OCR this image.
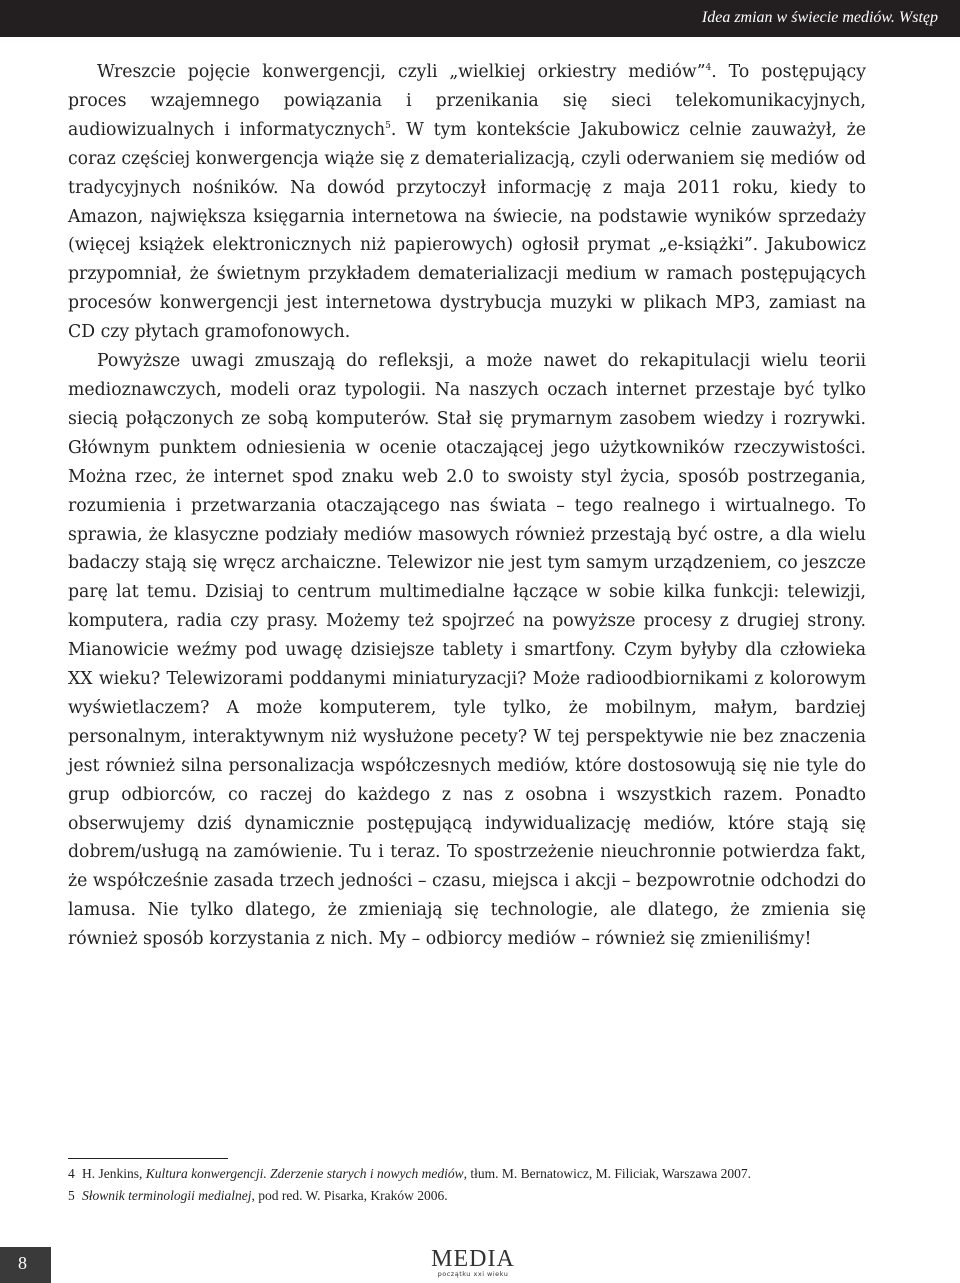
Idea zmian w świecie mediów. Wstęp

Wreszcie pojęcie konwergencji, czyli „wielkiej orkiestry mediów”$^4$. To postępujący proces wzajemnego powiązania i przenikania się sieci telekomunikacyjnych, audiowizualnych i informatycznych$^5$. W tym kontekście Jakubowicz celnie zauważył, że coraz częściej konwergencja wiąże się z dematerializacją, czyli oderwaniem się mediów od tradycyjnych nośników. Na dowód przytoczył informację z maja 2011 roku, kiedy to Amazon, największa księgarnia internetowa na świecie, na podstawie wyników sprzedaży (więcej książek elektronicznych niż papierowych) ogłosił prymat „e-książki”. Jakubowicz przypomniał, że świetnym przykładem dematerializacji medium w ramach postępujących procesów konwergencji jest internetowa dystrybucja muzyki w plikach MP3, zamiast na CD czy płytach gramofonowych.

Powyższe uwagi zmuszają do refleksji, a może nawet do rekapitulacji wielu teorii medioznawczych, modeli oraz typologii. Na naszych oczach internet przestaje być tylko siecią połączonych ze sobą komputerów. Stał się prymarnym zasobem wiedzy i rozrywki. Głównym punktem odniesienia w ocenie otaczającej jego użytkowników rzeczywistości. Można rzec, że internet spod znaku web 2.0 to swoisty styl życia, sposób postrzegania, rozumienia i przetwarzania otaczającego nas świata – tego realnego i wirtualnego. To sprawia, że klasyczne podziały mediów masowych również przestają być ostre, a dla wielu badaczy stają się wręcz archaiczne. Telewizor nie jest tym samym urządzeniem, co jeszcze parę lat temu. Dzisiaj to centrum multimedialne łączące w sobie kilka funkcji: telewizji, komputera, radia czy prasy. Możemy też spojrzeć na powyższe procesy z drugiej strony. Mianowicie weźmy pod uwagę dzisiejsze tablety i smartfony. Czym byłyby dla człowieka XX wieku? Telewizorami poddanymi miniaturyzacji? Może radioodbiornikami z kolorowym wyświetlaczem? A może komputerem, tyle tylko, że mobilnym, małym, bardziej personalnym, interaktywnym niż wysłużone pecety? W tej perspektywie nie bez znaczenia jest również silna personalizacja współczesnych mediów, które dostosowują się nie tyle do grup odbiorców, co raczej do każdego z nas z osobna i wszystkich razem. Ponadto obserwujemy dziś dynamicznie postępującą indywidualizację mediów, które stają się dobrem/usługą na zamówienie. Tu i teraz. To spostrzeżenie nieuchronnie potwierdza fakt, że współcześnie zasada trzech jedności – czasu, miejsca i akcji – bezpowrotnie odchodzi do lamusa. Nie tylko dlatego, że zmieniają się technologie, ale dlatego, że zmienia się również sposób korzystania z nich. My – odbiorcy mediów – również się zmieniliśmy!

4 H. Jenkins, Kultura konwergencji. Zderzenie starych i nowych mediów, tłum. M. Bernatowicz, M. Filiciak, Warszawa 2007.

5 Słownik terminologii medialnej, pod red. W. Pisarka, Kraków 2006.

8	MEDIA
początku xxi wieku
